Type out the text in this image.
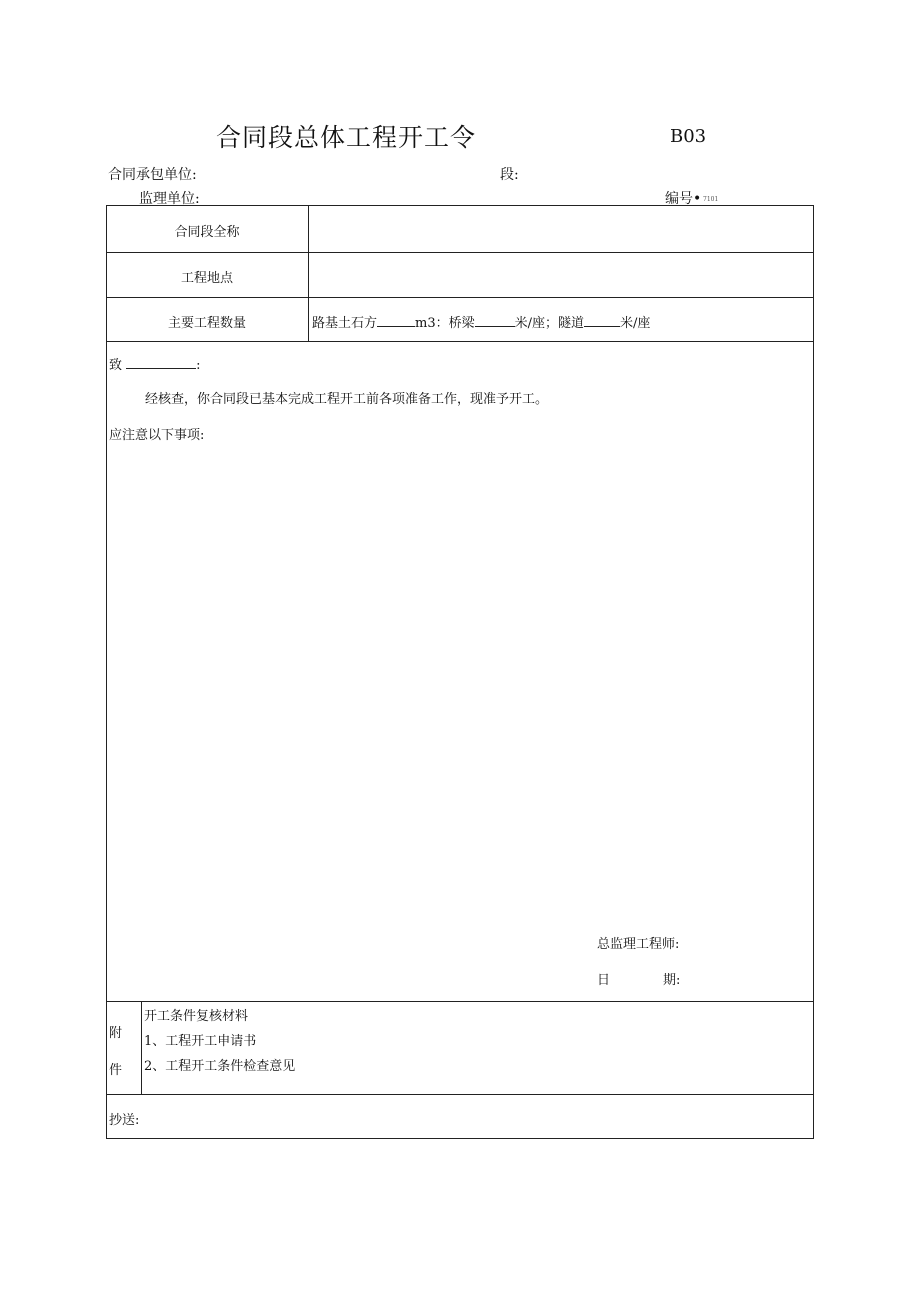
合同段总体工程开工令	B03
合同承包单位:	段:
监理单位:	编号• 7101
合同段全称
工程地点
主要工程数量	路基土石方	m3：桥梁	米/座；隧道	米/座
致	:
经核查，你合同段已基本完成工程开工前各项准备工作，现准予开工。
应注意以下事项:
总监理工程师:
日	期:
附
件
开工条件复核材料
1、工程开工申请书
2、工程开工条件检查意见
抄送:
